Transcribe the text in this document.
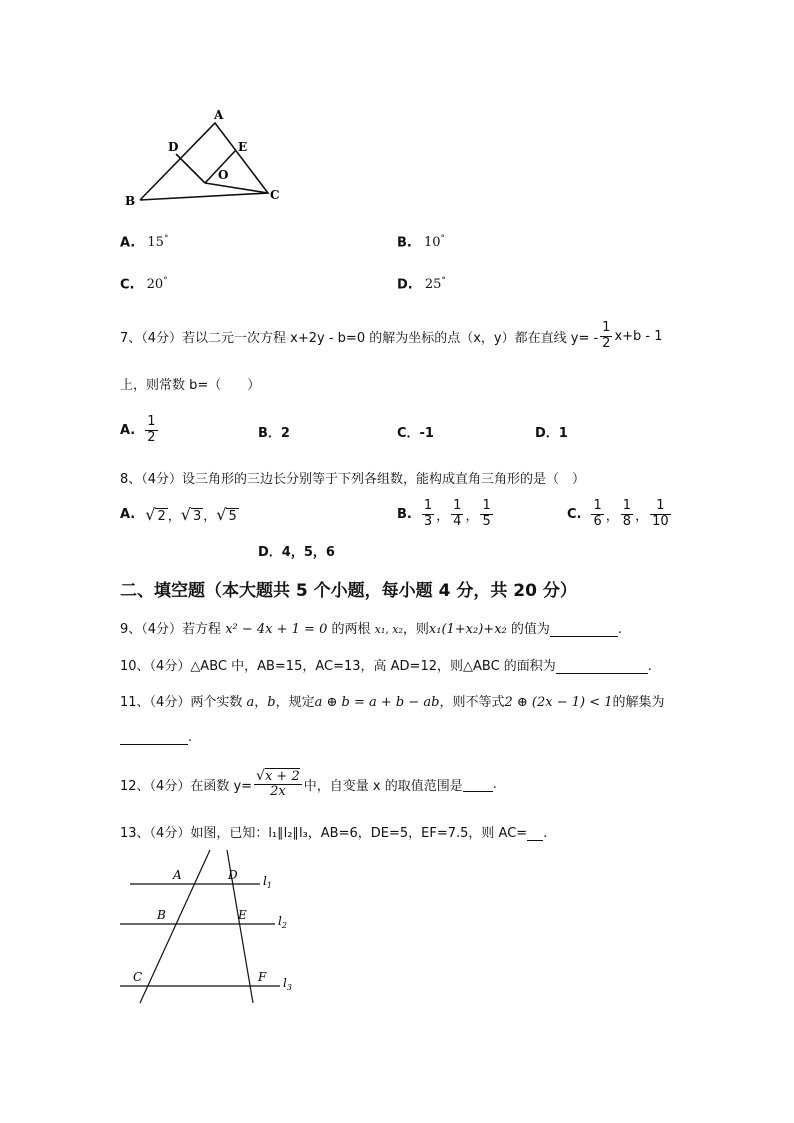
A
D	E
O
B	C
A. 15°	B. 10°
C. 20°	D. 25°
7、（4分）若以二元一次方程 x+2y - b=0 的解为坐标的点（x，y）都在直线 $y= - \frac{1}{2} x+b - 1$
上，则常数 b=（　　）
A. $\frac{1}{2}$	B．2	C．-1	D．1
8、（4分）设三角形的三边长分别等于下列各组数，能构成直角三角形的是（　）
A. √ 2 ， √ 3 ， √ 5	B. $\frac{1}{3}$ ， $\frac{1}{4}$ ， $\frac{1}{5}$	C. $\frac{1}{6}$ ， $\frac{1}{8}$ ， $\frac{1}{10}$
D．4，5，6
二、填空题（本大题共 5 个小题，每小题 4 分，共 20 分）
9、（4分）若方程 x² − 4x + 1 = 0 的两根 x₁, x₂，则x₁(1+x₂)+x₂ 的值为	.
10、（4分）△ABC 中，AB=15，AC=13，高 AD=12，则△ABC 的面积为	.
11、（4分）两个实数 a，b，规定a ⊕ b = a + b − ab，则不等式2 ⊕ (2x − 1) < 1的解集为
.
12、（4分）在函数 $y= \frac{√x + 2}{2x}$ 中，自变量 x 的取值范围是 .
13、（4分）如图，已知：l₁∥l₂∥l₃，AB=6，DE=5，EF=7.5，则 AC= .
A	D
B	E
C	F
$l_1$
$l_2$
$l_3$
